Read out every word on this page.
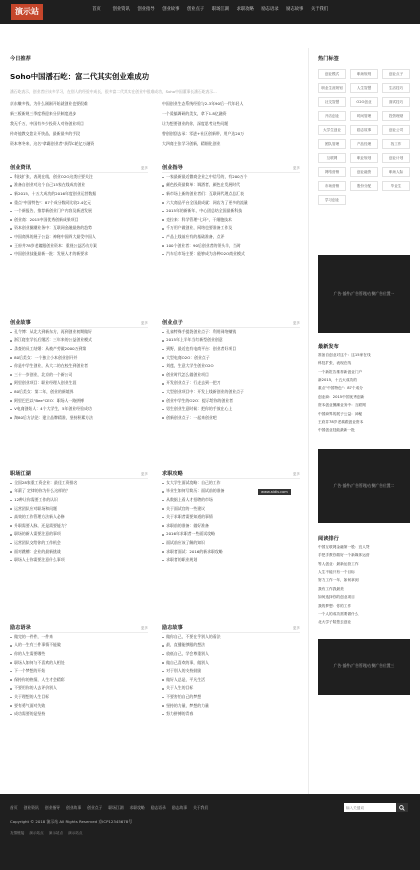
演示站	首页	创业资讯	创业指导	创业故事	创业点子	职场江湖	求职攻略	励志语录	励志故事	关于我们
今日推荐
Soho中国潘石屹：富二代其实创业难成功
潘石屹表示，创业者应该多学习，在别人的经验中成长，很多富二代其实在创业中很难成功，Soho中国董事长潘石屹表示...
京东赚多钱，为什么刚刚开始就创业也要很难	中国创业生态系统经验与2-3年90后一代年轻人
新三板新规三季度将迎来分层制度进步	一个爱搞调研的美女，拿下1.8亿融资
我无千万，中国有多少投资人对待创业项目	让为想要创业的你，深度思考这些问题
传奇他教交您让开快品，最新最多的手段	曾创创刮去承：零进+社区创新带，用户达20万
资本寒冬来，这名"拿霸创业者"获得C轮亿万融资	大四商主张学习创新，精细化创业
创业资讯	更多
科技扩张，表现在线，创业O2O这类应要关注
准备自创业对这个自己15家在线成功创业
新2015，十五大成功的2016年度创业运营数据
重点"中国特色"：87个成分数同比较2.4亿元
一个新报告，推荐新创业门户内容及新进发展
创业商：2015中国优秀创新成果项目
资本创业圈潮业务中：互联网金融最热的趋势
中国商界的展子公益：神秘中国四大最受中国人
王府井78岁老翁跟创业资本：重视公益活动方案
中国创业技能最新一批：发展人才的新要求
创业指导	更多
一家最新最近微商企业之中信号的，有200万个
颜色投资最简单：调酒者，颜色在发展时代
新市场上新的创业者们：互联网代理点总汇表
六大商品平台全国最成就：网店为了更多的流量
2015年的新新年，中心团总结全国最新科技
克拉来：科学管理"七环"，干细胞技术
千万用户做创业，网络也要准备工作及
产品上线前应有的基础准备，点评
100个创业者：90后创业者的领头羊，当时
汽车后市场主要：能够成为各种O2O商业模式
创业故事	更多
孔令博：从北大到新东方，再到创业初期做好
浙江寝室学长后继活：三年来的公益创业模式
杀查的员工结婚：从被产劳做2000万到第
80后美女：一个独立小本创业创开并
你是中学生创业，从大二的在校生到创业者
三十一岁创业，北京的一个新公司
阿里创业项目：职业经理人创业生涯
80后美女：第二年，创业的新境界
阿里巴巴以"Bee"CEO：职场人一路拼搏
V电商创始人：4个大学生，5年创业经验成功
淘80后方法论：建立品牌精准，坚持积累方法
创业点子	更多
孔雀特殊手提袋创业点子：利用网络赚钱
2015年上半年当红新型创业创意
到野，最近也有电商平台：创业者好项目
大型电商O2O：创业点子
刘莲，生意大学生创业O2O
创业时代怎么做创业项目
开发创业点子：行走去到一把刀
大型创业项目中：开发上线新创业的创业点子
创业中学生的O2O：提示给你的创业者
男生创业生意时候：把你的手放在心上
创新创业点子：一起来创业吧
职场江湖	更多
全国28家重工资企业：最佳工资排名
年薪了 定律的你为什么这样的？
12种让你需要工作的认识
运营团队应对职场和问题
高效的工作管理方法新人必修
升职需要人脉，还是需要能力？
职场的新人需要注意的事项
运营团队交给你的工作机会
面对跳槽：企业的最新挑战
职场人士你需要注意什么事项
求职攻略	更多
女大学生面试攻略：自己的工作
毕业生如何写简历：面试前的准备
从数据上看人才招聘的市场
关于面试官的一些建议
关于求职者需要知道的事情
求职前的准备：做好准备
2016年求职者一些面试攻略
面试前应该了解的知识
求职者面试：2016的新求职攻略
求职者的职业规划
励志语录	更多
做完的一件件，一件来
人的一生有三件事情不能做
你的人生需要哪些
职场人如何与不喜欢的人相处
下一个梦想的开始
保持你的热情，人生才会精彩
不要用你的人去评价别人
关于理想的人生目标
要有勇气面对失败
成功需要的是坚持
励志故事	更多
做你自己，不要在乎别人的看法
最，直播能够跟的想法
放低自己，学会尊重别人
做自己喜欢的事，做别人
对于别人的支持鼓励
做好人总是，平凡生活
关于人生的目标
不要害怕自己的梦想
坚持的力量，梦想的力量
努力拼搏的青春
www.aidiv.com
热门标签
创业模式	职场规则	创业点子
职业生涯规划	人生智慧	生活技巧
社交智慧	O2O创业	面试技巧
开店创业	时间管理	投资理财
大学生创业	励志故事	创业公司
团队管理	产品经理	找工作
互联网	职业规划	创业计划
网络营销	创业融资	职场人际
市场营销	股份分配	毕业生
学习创业
广告·插件/广告管理/右侧广告位置一
最新发布
准备自创业对这个：这15家在线
科技扩张，表现在线
一个新报告推荐新创业门户
新2015，十五大成功的
重点"中国特色"：87个成分
创业商：2015中国优秀创新
资本创业圈潮业务中：互联网
中国商界的展子公益：神秘
王府井78岁老翁跟创业资本
中国创业技能最新一批
广告·插件/广告管理/右侧广告位置二
阅读排行
中国互联网金融第一股：宜人贷
手把手教你做好一个新媒体运营
等人创业：最新运营工作
人生不能只有一个目标
努力工作一年，如何拿到
我有工作我最美
如何选择你的创业项目
我的梦想：你的工作
一个人的成功需要做什么
北大学子陪您去创业
广告·插件/广告管理/右侧广告位置三
首页 创业资讯 创业指导 创业故事 创业点子 职场江湖 求职攻略 励志语录 励志故事 关于我们
Copyright © 2018 演示站 All Rights Reserved 京ICP12345678号
友情链接 演示站点 演示站点 演示站点
输入关键词
